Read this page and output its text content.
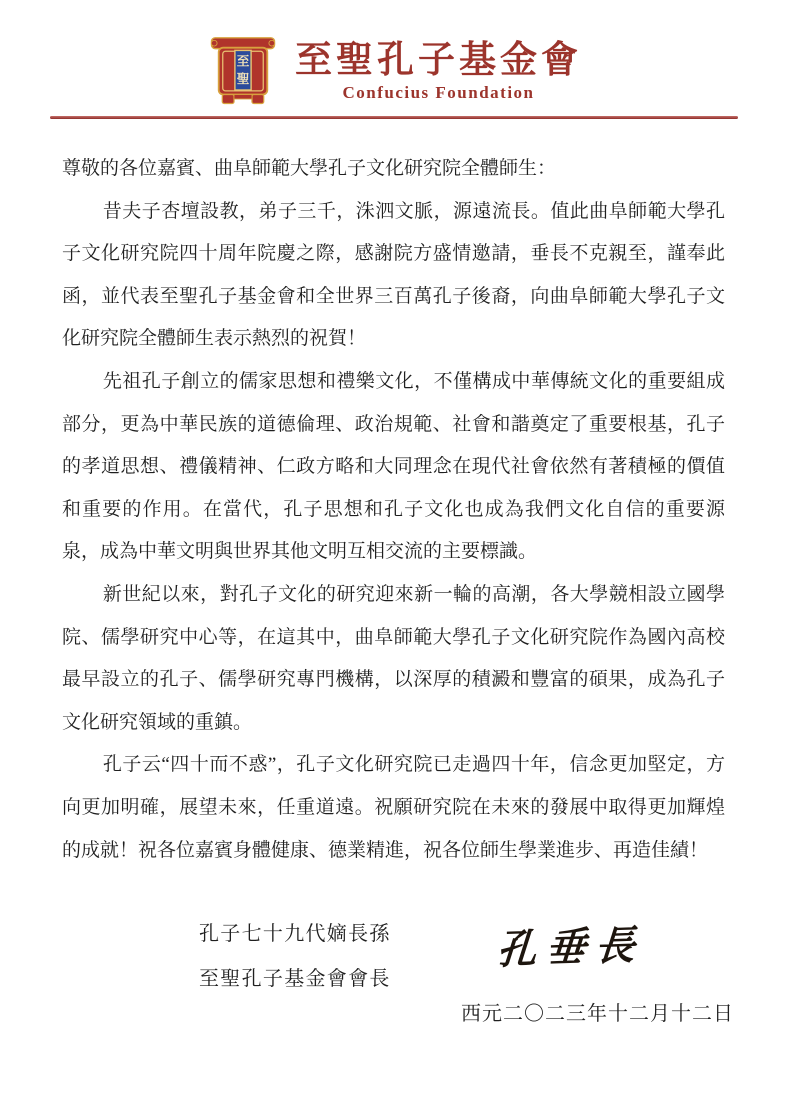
至
聖 至聖孔子基金會
Confucius Foundation

尊敬的各位嘉賓、曲阜師範大學孔子文化研究院全體師生：

昔夫子杏壇設教，弟子三千，洙泗文脈，源遠流長。值此曲阜師範大學孔子文化研究院四十周年院慶之際，感謝院方盛情邀請，垂長不克親至，謹奉此函，並代表至聖孔子基金會和全世界三百萬孔子後裔，向曲阜師範大學孔子文化研究院全體師生表示熱烈的祝賀！

先祖孔子創立的儒家思想和禮樂文化，不僅構成中華傳統文化的重要組成部分，更為中華民族的道德倫理、政治規範、社會和諧奠定了重要根基，孔子的孝道思想、禮儀精神、仁政方略和大同理念在現代社會依然有著積極的價值和重要的作用。在當代，孔子思想和孔子文化也成為我們文化自信的重要源泉，成為中華文明與世界其他文明互相交流的主要標識。

新世紀以來，對孔子文化的研究迎來新一輪的高潮，各大學競相設立國學院、儒學研究中心等，在這其中，曲阜師範大學孔子文化研究院作為國內高校最早設立的孔子、儒學研究專門機構，以深厚的積澱和豐富的碩果，成為孔子文化研究領域的重鎮。

孔子云“四十而不惑”，孔子文化研究院已走過四十年，信念更加堅定，方向更加明確，展望未來，任重道遠。祝願研究院在未來的發展中取得更加輝煌的成就！祝各位嘉賓身體健康、德業精進，祝各位師生學業進步、再造佳績！

孔子七十九代嫡長孫
至聖孔子基金會會長
孔垂長
西元二〇二三年十二月十二日
